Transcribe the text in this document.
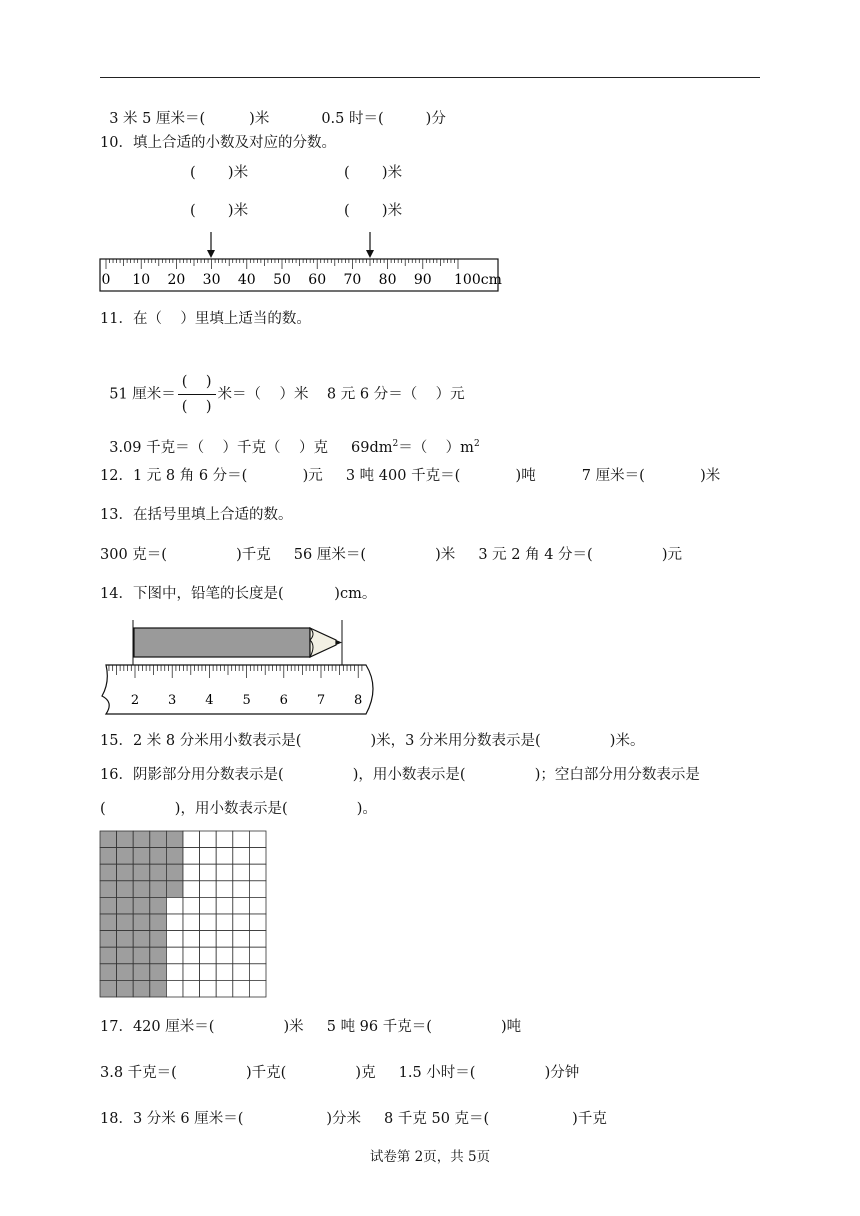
3 米 5 厘米＝(	)米	0.5 时＝(	)分

10．填上合适的小数及对应的分数。
(       )米	(       )米
(       )米	(       )米
0 10 20 30 40 50 60 70 80 90 100cm
11．在（    ）里填上适当的数。

51 厘米＝ $\frac{( )}{( )}$ 米＝（    ）米    8 元 6 分＝（    ）元

3.09 千克＝（    ）千克（    ）克     $69dm^2=$（    ）$m^2$

12．1 元 8 角 6 分＝(            )元     3 吨 400 千克＝(            )吨          7 厘米＝(            )米
13．在括号里填上合适的数。
300 克＝(               )千克     56 厘米＝(               )米     3 元 2 角 4 分＝(               )元
14．下图中，铅笔的长度是(           )cm。
2 3 4 5 6 7 8
15．2 米 8 分米用小数表示是(               )米，3 分米用分数表示是(               )米。
16．阴影部分用分数表示是(               )，用小数表示是(               )；空白部分用分数表示是
(               )，用小数表示是(               )。
17．420 厘米＝(               )米     5 吨 96 千克＝(               )吨
3.8 千克＝(               )千克(               )克     1.5 小时＝(               )分钟
18．3 分米 6 厘米＝(                  )分米     8 千克 50 克＝(                  )千克
试卷第 2页，共 5页
